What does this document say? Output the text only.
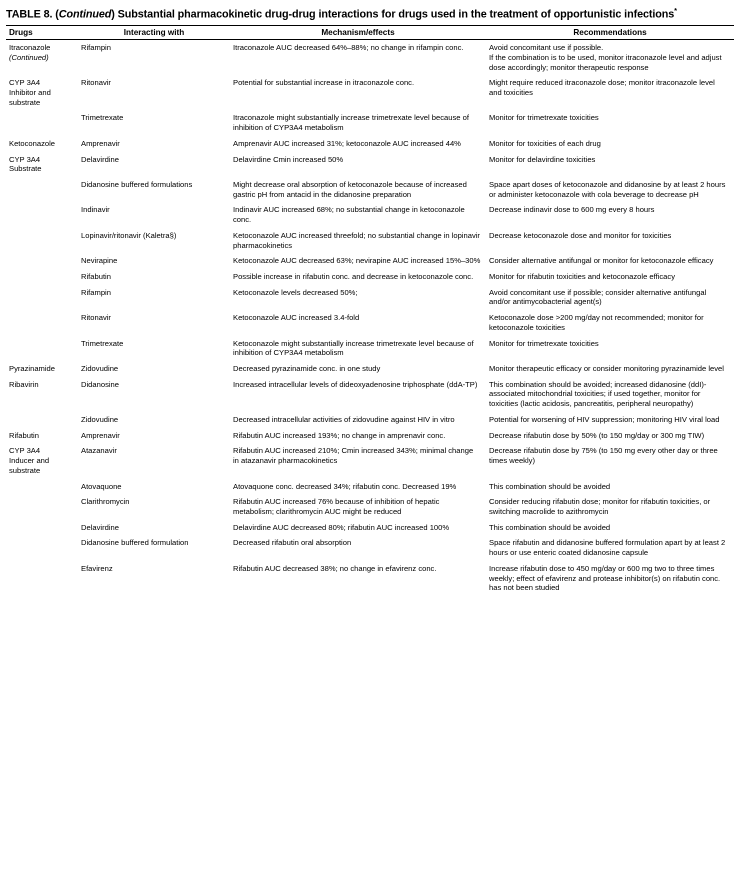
TABLE 8. (Continued) Substantial pharmacokinetic drug-drug interactions for drugs used in the treatment of opportunistic infections*
Drugs	Interacting with	Mechanism/effects	Recommendations

Itraconazole
(Continued)
	Rifampin	Itraconazole AUC decreased 64%–88%; no change in rifampin conc.	Avoid concomitant use if possible.
If the combination is to be used, monitor itraconazole level and adjust dose accordingly; monitor therapeutic response

CYP 3A4
Inhibitor and substrate	Ritonavir	Potential for substantial increase in itraconazole conc.	Might require reduced itraconazole dose; monitor itraconazole level and toxicities
	Trimetrexate	Itraconazole might substantially increase trimetrexate level because of inhibition of CYP3A4 metabolism	Monitor for trimetrexate toxicities

Ketoconazole	Amprenavir	Amprenavir AUC increased 31%; ketoconazole AUC increased 44%	Monitor for toxicities of each drug

CYP 3A4
Substrate	Delavirdine	Delavirdine Cmin increased 50%	Monitor for delavirdine toxicities
	Didanosine buffered formulations	Might decrease oral absorption of ketoconazole because of increased gastric pH from antacid in the didanosine preparation	Space apart doses of ketoconazole and didanosine by at least 2 hours or administer ketoconazole with cola beverage to decrease pH
	Indinavir	Indinavir AUC increased 68%; no substantial change in ketoconazole conc.	Decrease indinavir dose to 600 mg every 8 hours
	Lopinavir/ritonavir (Kaletra§)	Ketoconazole AUC increased threefold; no substantial change in lopinavir pharmacokinetics	Decrease ketoconazole dose and monitor for toxicities
	Nevirapine	Ketoconazole AUC decreased 63%; nevirapine AUC increased 15%–30%	Consider alternative antifungal or monitor for ketoconazole efficacy
	Rifabutin	Possible increase in rifabutin conc. and decrease in ketoconazole conc.	Monitor for rifabutin toxicities and ketoconazole efficacy
	Rifampin	Ketoconazole levels decreased 50%;	Avoid concomitant use if possible; consider alternative antifungal and/or antimycobacterial agent(s)
	Ritonavir	Ketoconazole AUC increased 3.4-fold	Ketoconazole dose >200 mg/day not recommended; monitor for ketoconazole toxicities
	Trimetrexate	Ketoconazole might substantially increase trimetrexate level because of inhibition of CYP3A4 metabolism	Monitor for trimetrexate toxicities

Pyrazinamide	Zidovudine	Decreased pyrazinamide conc. in one study	Monitor therapeutic efficacy or consider monitoring pyrazinamide level

Ribavirin	Didanosine	Increased intracellular levels of dideoxyadenosine triphosphate (ddA-TP)	This combination should be avoided; increased didanosine (ddI)-associated mitochondrial toxicities; if used together, monitor for toxicities (lactic acidosis, pancreatitis, peripheral neuropathy)
	Zidovudine	Decreased intracellular activities of zidovudine against HIV in vitro	Potential for worsening of HIV suppression; monitoring HIV viral load

Rifabutin	Amprenavir	Rifabutin AUC increased 193%; no change in amprenavir conc.	Decrease rifabutin dose by 50% (to 150 mg/day or 300 mg TIW)

CYP 3A4
Inducer and substrate	Atazanavir	Rifabutin AUC increased 210%; Cmin increased 343%; minimal change in atazanavir pharmacokinetics	Decrease rifabutin dose by 75% (to 150 mg every other day or three times weekly)
	Atovaquone	Atovaquone conc. decreased 34%; rifabutin conc. Decreased 19%	This combination should be avoided
	Clarithromycin	Rifabutin AUC increased 76% because of inhibition of hepatic metabolism; clarithromycin AUC might be reduced	Consider reducing rifabutin dose; monitor for rifabutin toxicities, or switching macrolide to azithromycin
	Delavirdine	Delavirdine AUC decreased 80%; rifabutin AUC increased 100%	This combination should be avoided
	Didanosine buffered formulation	Decreased rifabutin oral absorption	Space rifabutin and didanosine buffered formulation apart by at least 2 hours or use enteric coated didanosine capsule
	Efavirenz	Rifabutin AUC decreased 38%; no change in efavirenz conc.	Increase rifabutin dose to 450 mg/day or 600 mg two to three times weekly; effect of efavirenz and protease inhibitor(s) on rifabutin conc. has not been studied
